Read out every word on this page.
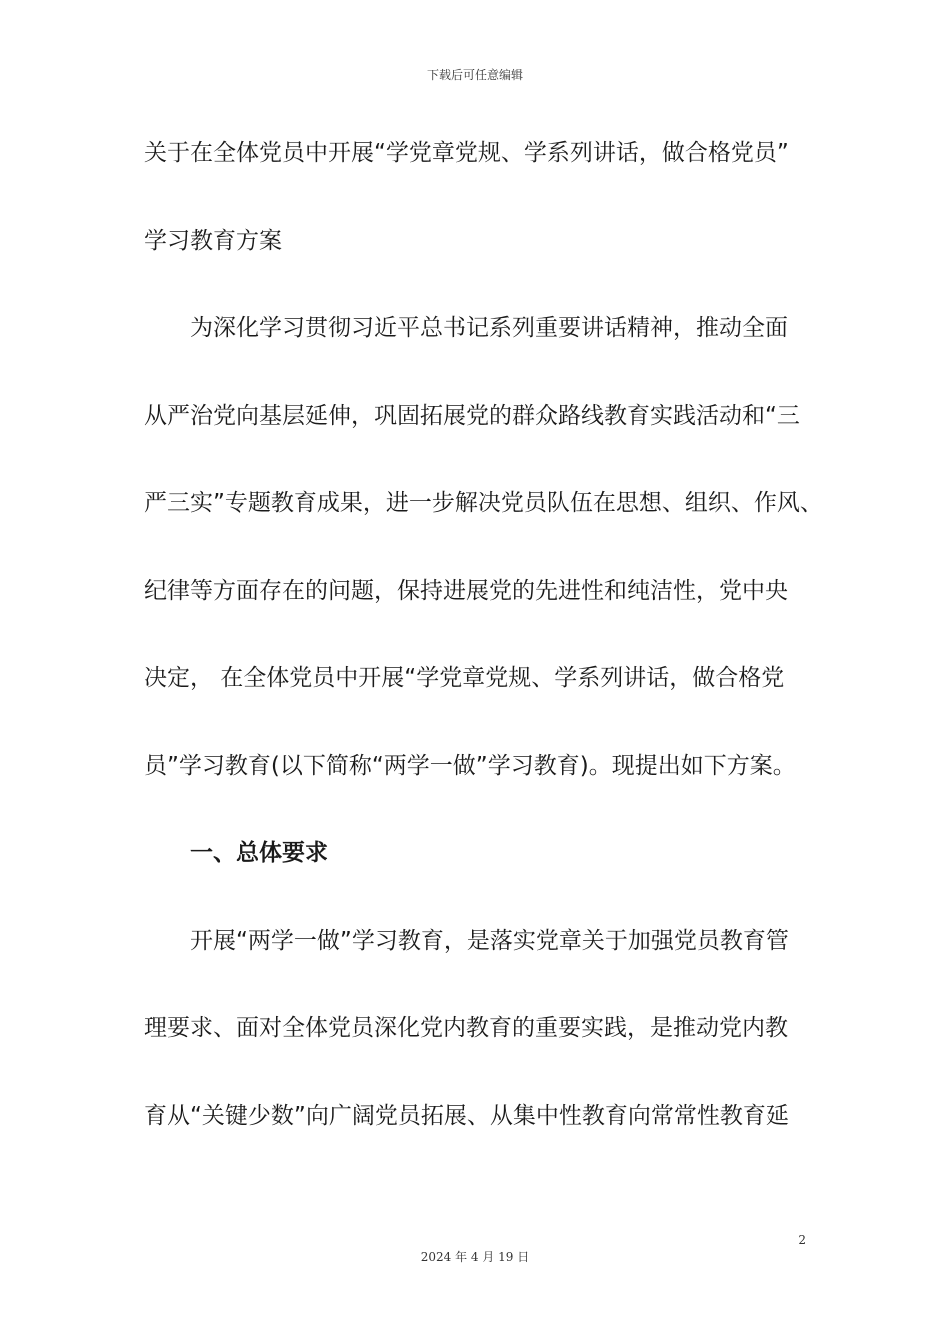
下载后可任意编辑
关于在全体党员中开展“学党章党规、学系列讲话，做合格党员”
学习教育方案
为深化学习贯彻习近平总书记系列重要讲话精神，推动全面
从严治党向基层延伸，巩固拓展党的群众路线教育实践活动和“三
严三实”专题教育成果，进一步解决党员队伍在思想、组织、作风、
纪律等方面存在的问题，保持进展党的先进性和纯洁性，党中央
决定， 在全体党员中开展“学党章党规、学系列讲话，做合格党
员”学习教育(以下简称“两学一做”学习教育)。现提出如下方案。
一、总体要求
开展“两学一做”学习教育，是落实党章关于加强党员教育管
理要求、面对全体党员深化党内教育的重要实践，是推动党内教
育从“关键少数”向广阔党员拓展、从集中性教育向常常性教育延
2
2024 年 4 月 19 日
